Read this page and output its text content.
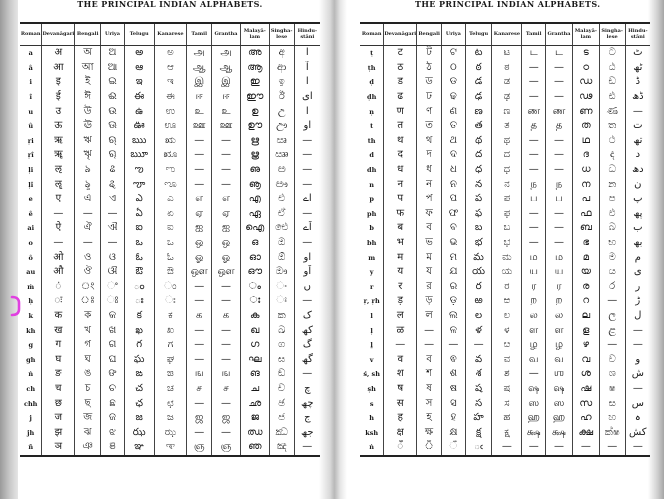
THE PRINCIPAL INDIAN ALPHABETS.
Roman	Devanâgari	Bengali	Uriya	Telugu	Kanarese	Tamil	Grantha	Malayâ-lam	Singha-lese	Hindu-stâni
a	अ	অ	ଅ	అ	ಅ	அ	அ	അ	අ	ا
â	आ	আ	ଆ	ఆ	ಆ	ஆ	ஆ	ആ	ආ	آ
i	इ	ই	ଇ	ఇ	ಇ	இ	இ	ഇ	ඉ	ا
î	ई	ঈ	ଈ	ఈ	ಈ	ஈ	ஈ	ഈ	ඊ	ای
u	उ	উ	ଉ	ఉ	ಉ	உ	உ	ഉ	උ	ا
û	ऊ	ঊ	ଊ	ఊ	ಊ	ஊ	ஊ	ഊ	ඌ	او
ṛi	ऋ	ঋ	ଋ	ఋ	ಋ	—	—	ഋ	ඍ	—
ṛî	ॠ	ৠ	ୠ	ౠ	ೠ	—	—	ൠ	ඎ	—
ḷi	ऌ	ঌ	ଌ	ఌ	ಌ	—	—	ഌ	ඏ	—
ḷî	ॡ	ৡ	ୡ	ౡ	ೡ	—	—	ൡ	ඐ	—
e	ए	এ	ଏ	ఎ	ಎ	எ	எ	എ	එ	اے
ê	—	—	—	ఏ	ಏ	ஏ	ஏ	ഏ	ඒ	—
ai	ऐ	ঐ	ଐ	ఐ	ಐ	ஐ	ஐ	ഐ	ඓ	اَے
o	—	—	—	ఒ	ಒ	ஒ	ஒ	ഒ	ඔ	—
ô	ओ	ও	ଓ	ఓ	ಓ	ஓ	ஓ	ഓ	ඕ	او
au	औ	ঔ	ଔ	ఔ	ಔ	ஔ	ஔ	ഔ	ඖ	اَو
ṁ	ं	ং	ଂ	ం	ಂ	—	—	ം	ං	ں
ḥ	ः	ঃ	ଃ	ః	ಃ	—	—	ഃ	ඃ	—
k	क	ক	କ	క	ಕ	க	க	ക	ක	ک
kh	ख	খ	ଖ	ఖ	ಖ	—	—	ഖ	ඛ	کھ
g	ग	গ	ଗ	గ	ಗ	—	—	ഗ	ග	گ
gh	घ	ঘ	ଘ	ఘ	ಘ	—	—	ഘ	ඝ	گھ
ṅ	ङ	ঙ	ଙ	ఙ	ಙ	ங	ங	ങ	ඞ	—
ch	च	চ	ଚ	చ	ಚ	ச	ச	ച	ච	چ
chh	छ	ছ	ଛ	ఛ	ಛ	—	—	ഛ	ඡ	چھ
j	ज	জ	ଜ	జ	ಜ	ஜ	ஜ	ജ	ජ	ج
jh	झ	ঝ	ଝ	ఝ	ಝ	—	—	ഝ	ඣ	جھ
ñ	ञ	ঞ	ଞ	ఞ	ಞ	ஞ	ஞ	ഞ	ඤ	—
THE PRINCIPAL INDIAN ALPHABETS.
Roman	Devanâgari	Bengali	Uriya	Telugu	Kanarese	Tamil	Grantha	Malayâ-lam	Singha-lese	Hindu-stâni
ṭ	ट	ট	ଟ	ట	ಟ	ட	ட	ട	ට	ٹ
ṭh	ठ	ঠ	ଠ	ఠ	ಠ	—	—	ഠ	ඨ	ٹھ
ḍ	ड	ড	ଡ	డ	ಡ	—	—	ഡ	ඩ	ڈ
ḍh	ढ	ঢ	ଢ	ఢ	ಢ	—	—	ഢ	ඪ	ڈھ
ṇ	ण	ণ	ଣ	ణ	ಣ	ண	ண	ണ	ණ	—
t	त	ত	ତ	త	ತ	த	த	ത	ත	ت
th	थ	থ	ଥ	థ	ಥ	—	—	ഥ	ථ	تھ
d	द	দ	ଦ	ద	ದ	—	—	ദ	ද	د
dh	ध	ধ	ଧ	ధ	ಧ	—	—	ധ	ධ	دھ
n	न	ন	ନ	న	ನ	ந	ந	ന	න	ن
p	प	প	ପ	ప	ಪ	ப	ப	പ	ප	پ
ph	फ	ফ	ଫ	ఫ	ಫ	—	—	ഫ	ඵ	پھ
b	ब	ব	ବ	బ	ಬ	—	—	ബ	බ	ب
bh	भ	ভ	ଭ	భ	ಭ	—	—	ഭ	භ	بھ
m	म	ম	ମ	మ	ಮ	ம	ம	മ	ම	م
y	य	য	ଯ	య	ಯ	ய	ய	യ	ය	ی
r	र	র	ର	ర	ರ	ர	ர	ര	ර	ر
ṛ, ṛh	ड़	ড়	ଡ଼	ఱ	ಱ	ற	ற	റ	—	ڑ
l	ल	ল	ଲ	ల	ಲ	ல	ல	ല	ල	ل
ḷ	ळ	—	ଳ	ళ	ಳ	ள	ள	ള	ළ	—
ḻ	—	—	—	—	ೞ	ழ	ழ	ഴ	—	—
v	व	ব	ଵ	వ	ವ	வ	வ	വ	ව	و
ś, sh	श	শ	ଶ	శ	ಶ	—	ஶ	ശ	ශ	ش
ṣh	ष	ষ	ଷ	ష	ಷ	ஷ	ஷ	ഷ	ෂ	—
s	स	স	ସ	స	ಸ	ஸ	ஸ	സ	ස	س
h	ह	হ	ହ	హ	ಹ	ஹ	ஹ	ഹ	හ	ہ
ksh	क्ष	ক্ষ	କ୍ଷ	క్ష	ಕ್ಷ	க்ஷ	க்ஷ	ക്ഷ	ක්ෂ	کش
ṅ	ँ	ঁ	ଁ	ఁ	—	—	—	—	—	—
